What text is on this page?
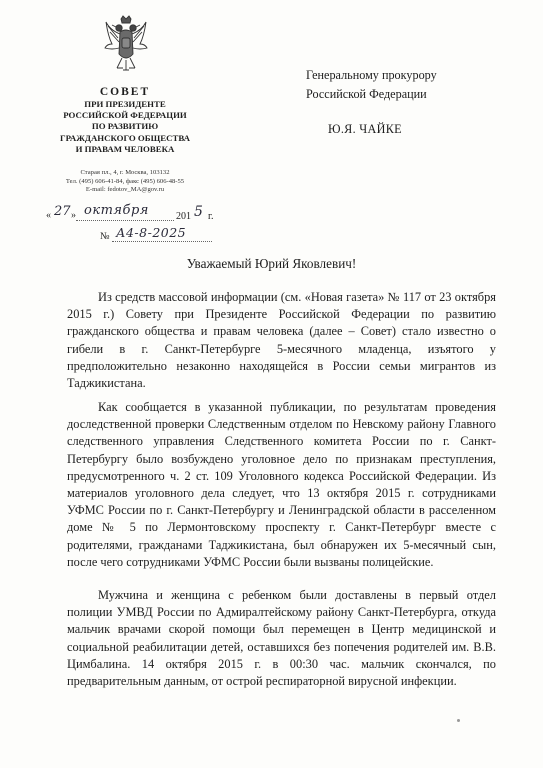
СОВЕТ
ПРИ ПРЕЗИДЕНТЕ
РОССИЙСКОЙ ФЕДЕРАЦИИ
ПО РАЗВИТИЮ
ГРАЖДАНСКОГО ОБЩЕСТВА
И ПРАВАМ ЧЕЛОВЕКА
Старая пл., 4, г. Москва, 103132
Тел. (495) 606-41-84, факс (495) 606-48-55
E-mail: fedotov_MA@gov.ru
« 27 » октября	201 5 г.
№ А4-8-2025
Генеральному прокурору
Российской Федерации
Ю.Я. ЧАЙКЕ
Уважаемый Юрий Яковлевич!

Из средств массовой информации (см. «Новая газета» № 117 от 23 октября 2015 г.) Совету при Президенте Российской Федерации по развитию гражданского общества и правам человека (далее – Совет) стало известно о гибели в г. Санкт-Петербурге 5-месячного младенца, изъятого у предположительно незаконно находящейся в России семьи мигрантов из Таджикистана.

Как сообщается в указанной публикации, по результатам проведения доследственной проверки Следственным отделом по Невскому району Главного следственного управления Следственного комитета России по г. Санкт-Петербургу было возбуждено уголовное дело по признакам преступления, предусмотренного ч. 2 ст. 109 Уголовного кодекса Российской Федерации. Из материалов уголовного дела следует, что 13 октября 2015 г. сотрудниками УФМС России по г. Санкт-Петербургу и Ленинградской области в расселенном доме № 5 по Лермонтовскому проспекту г. Санкт-Петербург вместе с родителями, гражданами Таджикистана, был обнаружен их 5-месячный сын, после чего сотрудниками УФМС России были вызваны полицейские.

Мужчина и женщина с ребенком были доставлены в первый отдел полиции УМВД России по Адмиралтейскому району Санкт-Петербурга, откуда мальчик врачами скорой помощи был перемещен в Центр медицинской и социальной реабилитации детей, оставшихся без попечения родителей им. В.В. Цимбалина. 14 октября 2015 г. в 00:30 час. мальчик скончался, по предварительным данным, от острой респираторной вирусной инфекции.
